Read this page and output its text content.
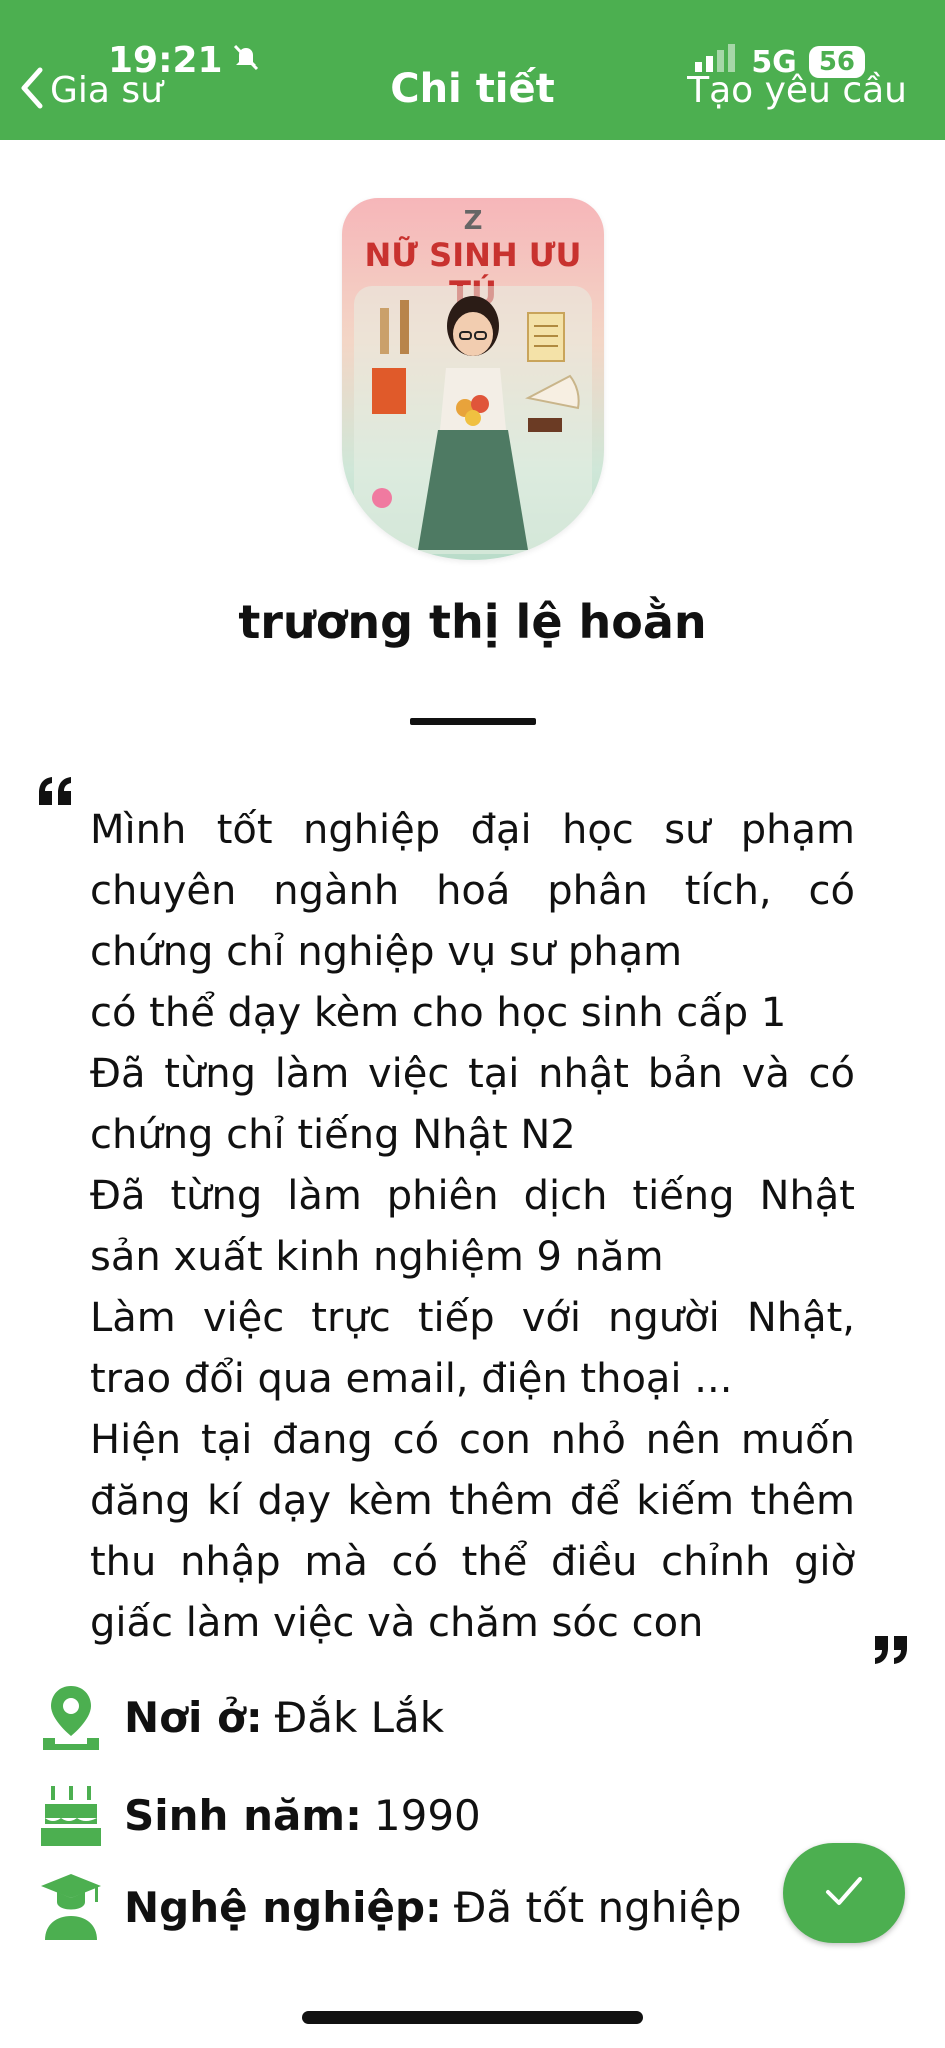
Gia sư
19:21
Chi tiết
5G 56
Tạo yêu cầu
Z
NỮ SINH ƯU
trương thị lệ hoằn
Mình tốt nghiệp đại học sư phạm chuyên ngành hoá phân tích, có chứng chỉ nghiệp vụ sư phạm
có thể dạy kèm cho học sinh cấp 1
Đã từng làm việc tại nhật bản và có chứng chỉ tiếng Nhật N2
Đã từng làm phiên dịch tiếng Nhật sản xuất kinh nghiệm 9 năm
Làm việc trực tiếp với người Nhật, trao đổi qua email, điện thoại ...
Hiện tại đang có con nhỏ nên muốn đăng kí dạy kèm thêm để kiếm thêm thu nhập mà có thể điều chỉnh giờ giấc làm việc và chăm sóc con
Nơi ở: Đắk Lắk
Sinh năm: 1990
Nghệ nghiệp: Đã tốt nghiệp
